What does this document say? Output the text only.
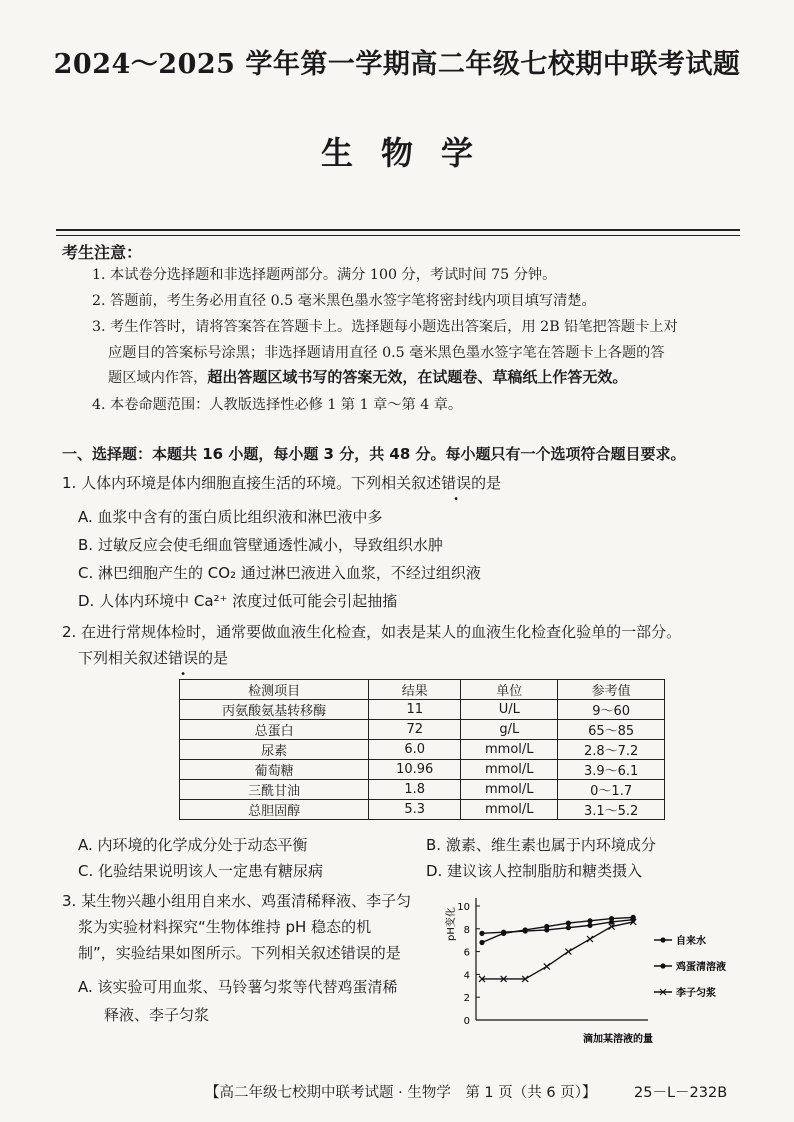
2024～2025 学年第一学期高二年级七校期中联考试题
生物学
考生注意：
1. 本试卷分选择题和非选择题两部分。满分 100 分，考试时间 75 分钟。
2. 答题前，考生务必用直径 0.5 毫米黑色墨水签字笔将密封线内项目填写清楚。
3. 考生作答时，请将答案答在答题卡上。选择题每小题选出答案后，用 2B 铅笔把答题卡上对
应题目的答案标号涂黑；非选择题请用直径 0.5 毫米黑色墨水签字笔在答题卡上各题的答
题区域内作答，超出答题区域书写的答案无效，在试题卷、草稿纸上作答无效。
4. 本卷命题范围：人教版选择性必修 1 第 1 章～第 4 章。
一、选择题：本题共 16 小题，每小题 3 分，共 48 分。每小题只有一个选项符合题目要求。
1. 人体内环境是体内细胞直接生活的环境。下列相关叙述错误的是
A. 血浆中含有的蛋白质比组织液和淋巴液中多
B. 过敏反应会使毛细血管壁通透性减小，导致组织水肿
C. 淋巴细胞产生的 CO₂ 通过淋巴液进入血浆，不经过组织液
D. 人体内环境中 Ca²⁺ 浓度过低可能会引起抽搐
2. 在进行常规体检时，通常要做血液生化检查，如表是某人的血液生化检查化验单的一部分。
下列相关叙述错误的是
检测项目	结果	单位	参考值
丙氨酸氨基转移酶	11	U/L	9～60
总蛋白	72	g/L	65～85
尿素	6.0	mmol/L	2.8～7.2
葡萄糖	10.96	mmol/L	3.9～6.1
三酰甘油	1.8	mmol/L	0～1.7
总胆固醇	5.3	mmol/L	3.1～5.2
A. 内环境的化学成分处于动态平衡	B. 激素、维生素也属于内环境成分
C. 化验结果说明该人一定患有糖尿病	D. 建议该人控制脂肪和糖类摄入
3. 某生物兴趣小组用自来水、鸡蛋清稀释液、李子匀
浆为实验材料探究“生物体维持 pH 稳态的机
制”，实验结果如图所示。下列相关叙述错误的是
A. 该实验可用血浆、马铃薯匀浆等代替鸡蛋清稀
释液、李子匀浆	0
2
4
6
8
10
pH变化
滴加某溶液的量
自来水
鸡蛋清溶液
李子匀浆
【高二年级七校期中联考试题 · 生物学　第 1 页（共 6 页）】	25－L－232B
